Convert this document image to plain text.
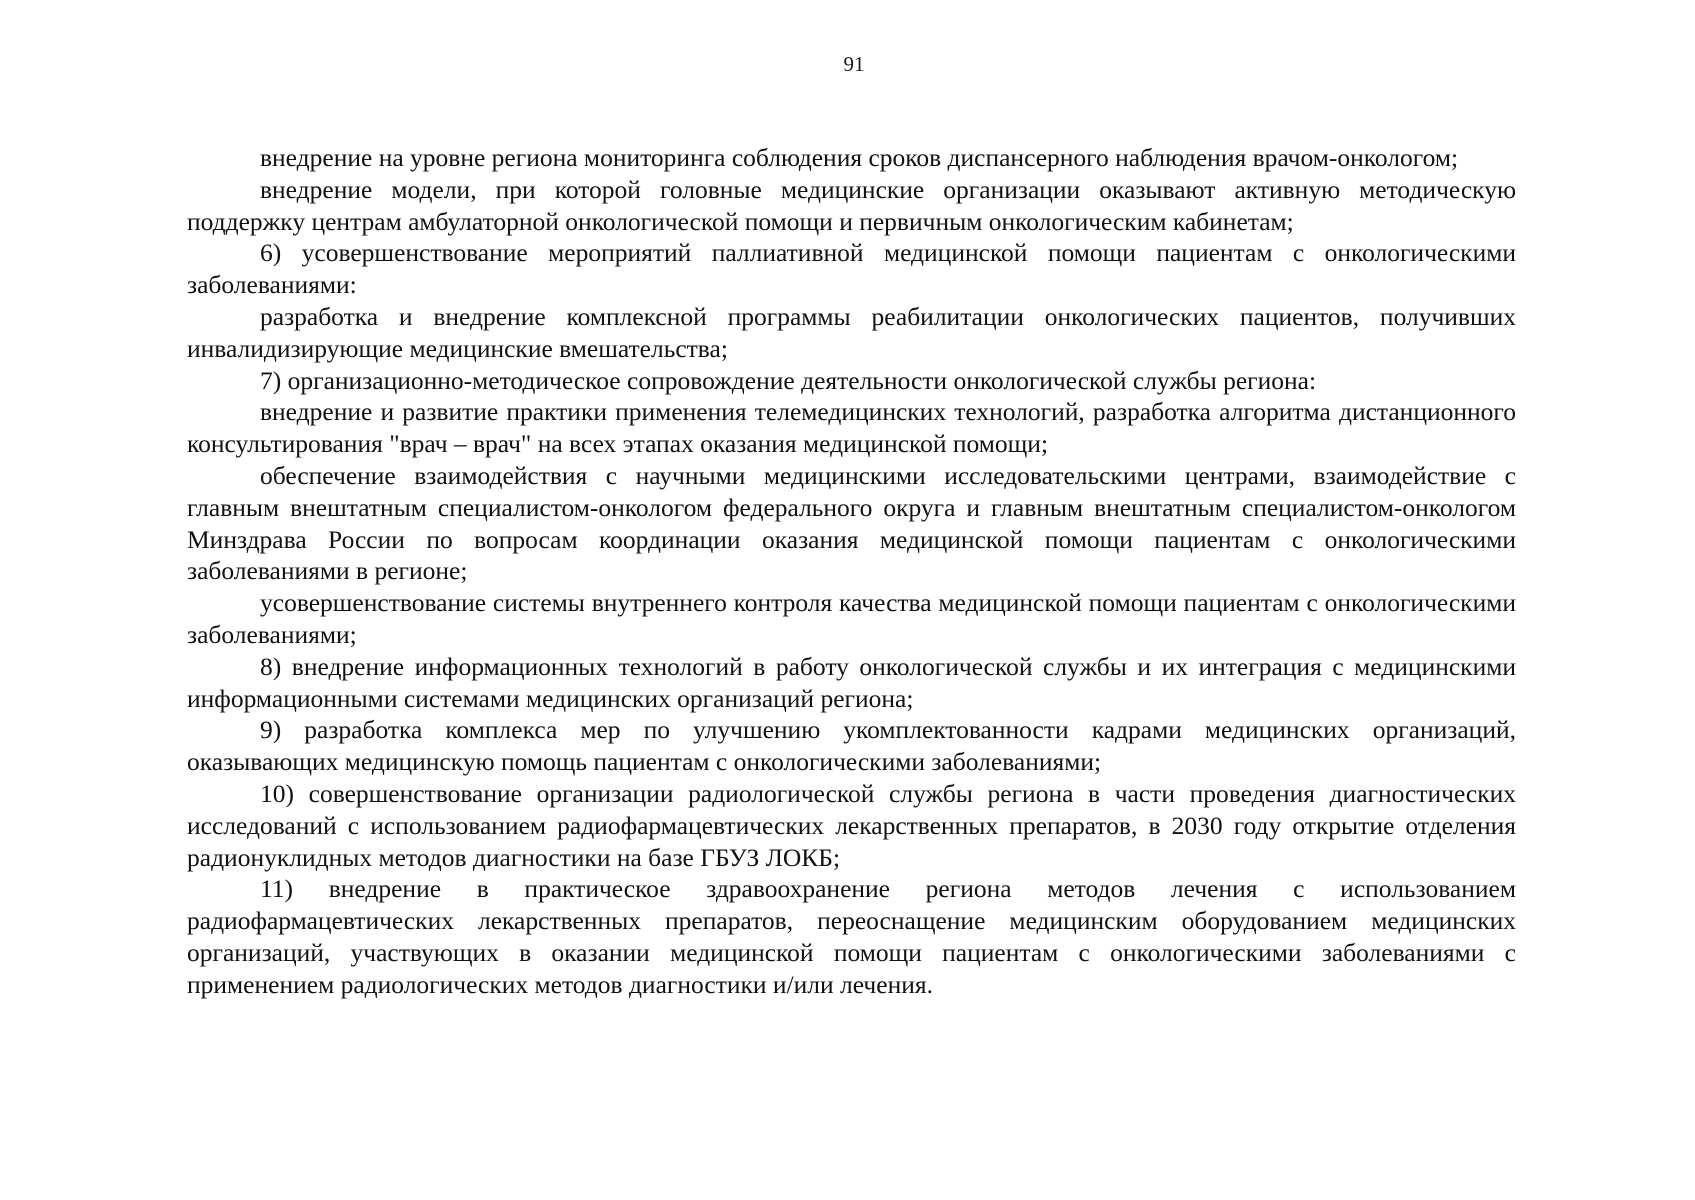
91

внедрение на уровне региона мониторинга соблюдения сроков диспансерного наблюдения врачом-онкологом;

внедрение модели, при которой головные медицинские организации оказывают активную методическую поддержку центрам амбулаторной онкологической помощи и первичным онкологическим кабинетам;

6) усовершенствование мероприятий паллиативной медицинской помощи пациентам с онкологическими заболеваниями:

разработка и внедрение комплексной программы реабилитации онкологических пациентов, получивших инвалидизирующие медицинские вмешательства;

7) организационно-методическое сопровождение деятельности онкологической службы региона:

внедрение и развитие практики применения телемедицинских технологий, разработка алгоритма дистанционного консультирования "врач – врач" на всех этапах оказания медицинской помощи;

обеспечение взаимодействия с научными медицинскими исследовательскими центрами, взаимодействие с главным внештатным специалистом-онкологом федерального округа и главным внештатным специалистом-онкологом Минздрава России по вопросам координации оказания медицинской помощи пациентам с онкологическими заболеваниями в регионе;

усовершенствование системы внутреннего контроля качества медицинской помощи пациентам с онкологическими заболеваниями;

8) внедрение информационных технологий в работу онкологической службы и их интеграция с медицинскими информационными системами медицинских организаций региона;

9) разработка комплекса мер по улучшению укомплектованности кадрами медицинских организаций, оказывающих медицинскую помощь пациентам с онкологическими заболеваниями;

10) совершенствование организации радиологической службы региона в части проведения диагностических исследований с использованием радиофармацевтических лекарственных препаратов, в 2030 году открытие отделения радионуклидных методов диагностики на базе ГБУЗ ЛОКБ;

11) внедрение в практическое здравоохранение региона методов лечения с использованием радиофармацевтических лекарственных препаратов, переоснащение медицинским оборудованием медицинских организаций, участвующих в оказании медицинской помощи пациентам с онкологическими заболеваниями с применением радиологических методов диагностики и/или лечения.
